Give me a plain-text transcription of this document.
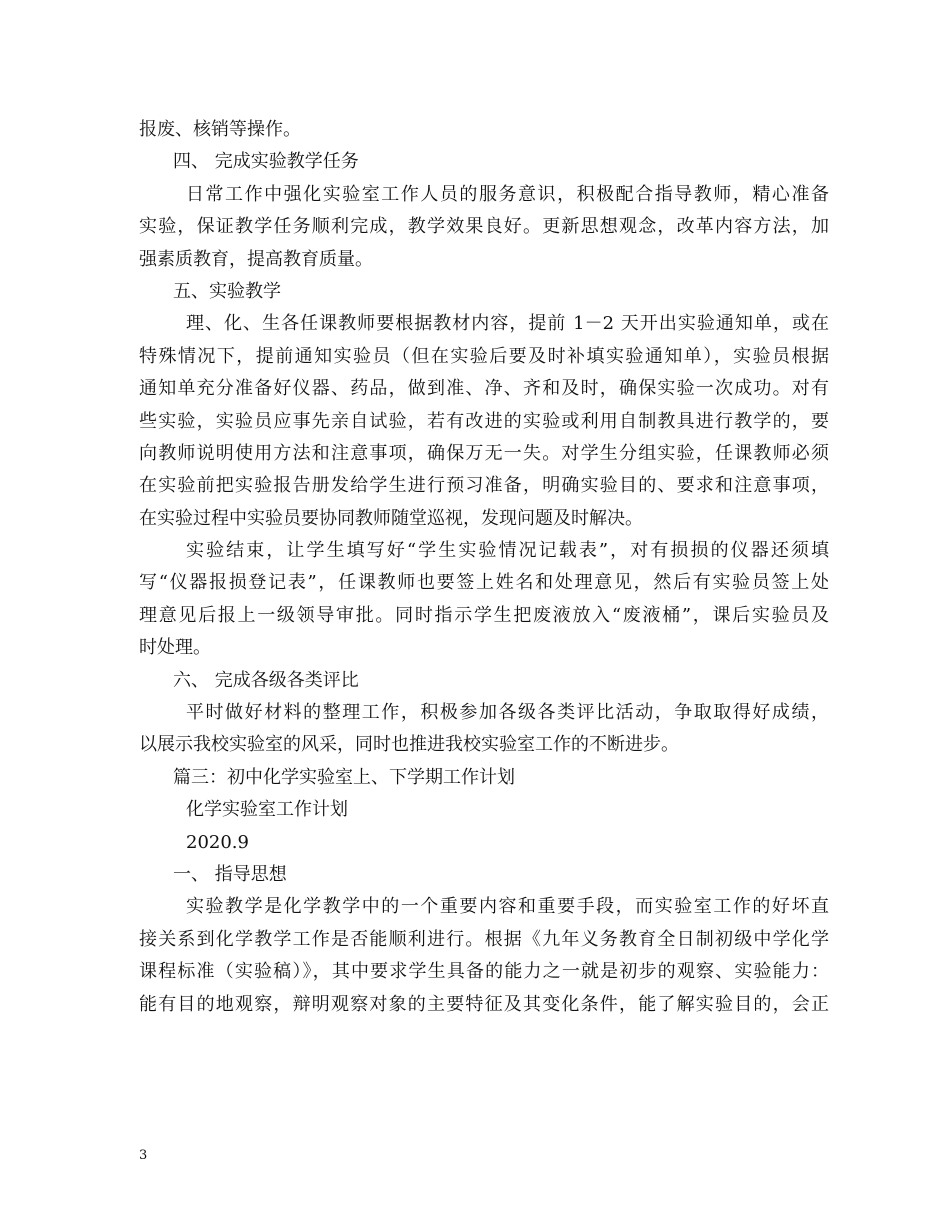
报废、核销等操作。
四、 完成实验教学任务
日常工作中强化实验室工作人员的服务意识，积极配合指导教师，精心准备
实验，保证教学任务顺利完成，教学效果良好。更新思想观念，改革内容方法，加
强素质教育，提高教育质量。
五、实验教学
理、化、生各任课教师要根据教材内容，提前 1－2 天开出实验通知单，或在
特殊情况下，提前通知实验员（但在实验后要及时补填实验通知单），实验员根据
通知单充分准备好仪器、药品，做到准、净、齐和及时，确保实验一次成功。对有
些实验，实验员应事先亲自试验，若有改进的实验或利用自制教具进行教学的，要
向教师说明使用方法和注意事项，确保万无一失。对学生分组实验，任课教师必须
在实验前把实验报告册发给学生进行预习准备，明确实验目的、要求和注意事项，
在实验过程中实验员要协同教师随堂巡视，发现问题及时解决。
实验结束，让学生填写好“学生实验情况记载表”，对有损损的仪器还须填
写“仪器报损登记表”，任课教师也要签上姓名和处理意见，然后有实验员签上处
理意见后报上一级领导审批。同时指示学生把废液放入“废液桶”，课后实验员及
时处理。
六、 完成各级各类评比
平时做好材料的整理工作，积极参加各级各类评比活动，争取取得好成绩，
以展示我校实验室的风采，同时也推进我校实验室工作的不断进步。
篇三：初中化学实验室上、下学期工作计划
化学实验室工作计划
2020.9
一、 指导思想
实验教学是化学教学中的一个重要内容和重要手段，而实验室工作的好坏直
接关系到化学教学工作是否能顺利进行。根据《九年义务教育全日制初级中学化学
课程标准（实验稿）》，其中要求学生具备的能力之一就是初步的观察、实验能力：
能有目的地观察，辩明观察对象的主要特征及其变化条件，能了解实验目的，会正
3
